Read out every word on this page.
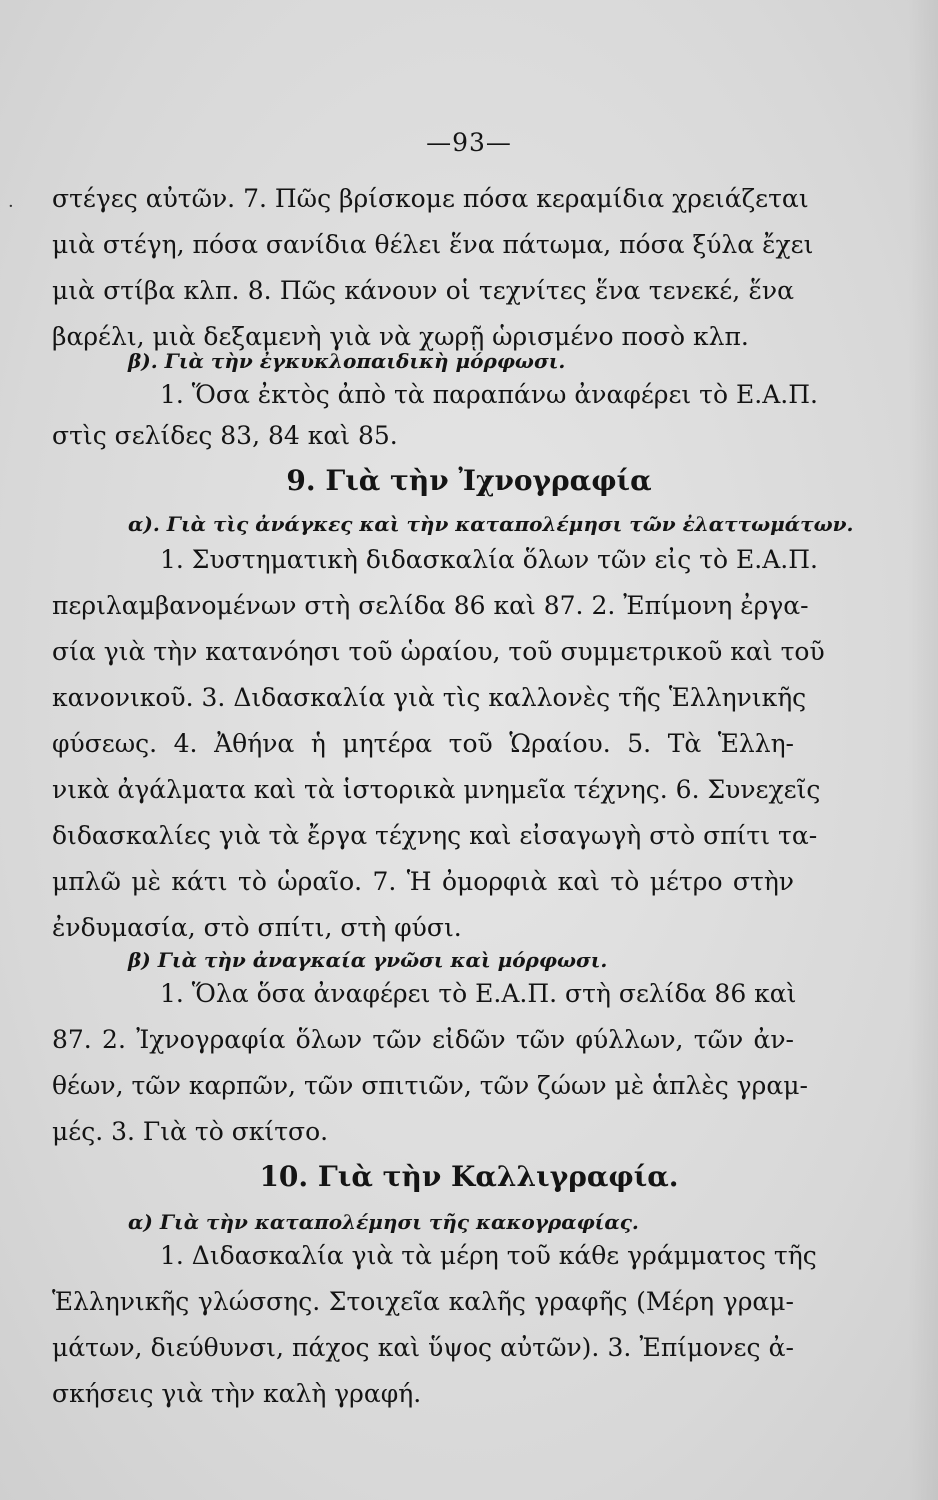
·
—93—
στέγες αὐτῶν. 7. Πῶς βρίσκομε πόσα κεραμίδια χρειάζεται
μιὰ στέγη, πόσα σανίδια θέλει ἕνα πάτωμα, πόσα ξύλα ἔχει
μιὰ στίβα κλπ. 8. Πῶς κάνουν οἱ τεχνίτες ἕνα τενεκέ, ἕνα
βαρέλι, μιὰ δεξαμενὴ γιὰ νὰ χωρῇ ὡρισμένο ποσὸ κλπ.
β). Γιὰ τὴν ἐγκυκλοπαιδικὴ μόρφωσι.
1. Ὅσα ἐκτὸς ἀπὸ τὰ παραπάνω ἀναφέρει τὸ Ε.Α.Π.
στὶς σελίδες 83, 84 καὶ 85.
9. Γιὰ τὴν Ἰχνογραφία
α). Γιὰ τὶς ἀνάγκες καὶ τὴν καταπολέμησι τῶν ἐλαττωμάτων.
1. Συστηματικὴ διδασκαλία ὅλων τῶν εἰς τὸ Ε.Α.Π.
περιλαμβανομένων στὴ σελίδα 86 καὶ 87. 2. Ἐπίμονη ἐργα-
σία γιὰ τὴν κατανόησι τοῦ ὡραίου, τοῦ συμμετρικοῦ καὶ τοῦ
κανονικοῦ. 3. Διδασκαλία γιὰ τὶς καλλονὲς τῆς Ἑλληνικῆς
φύσεως. 4. Ἀθήνα ἡ μητέρα τοῦ Ὡραίου. 5. Τὰ Ἑλλη-
νικὰ ἀγάλματα καὶ τὰ ἱστορικὰ μνημεῖα τέχνης. 6. Συνεχεῖς
διδασκαλίες γιὰ τὰ ἔργα τέχνης καὶ εἰσαγωγὴ στὸ σπίτι τα-
μπλῶ μὲ κάτι τὸ ὡραῖο. 7. Ἡ ὀμορφιὰ καὶ τὸ μέτρο στὴν
ἐνδυμασία, στὸ σπίτι, στὴ φύσι.
β) Γιὰ τὴν ἀναγκαία γνῶσι καὶ μόρφωσι.
1. Ὅλα ὅσα ἀναφέρει τὸ Ε.Α.Π. στὴ σελίδα 86 καὶ
87. 2. Ἰχνογραφία ὅλων τῶν εἰδῶν τῶν φύλλων, τῶν ἀν-
θέων, τῶν καρπῶν, τῶν σπιτιῶν, τῶν ζώων μὲ ἁπλὲς γραμ-
μές. 3. Γιὰ τὸ σκίτσο.
10. Γιὰ τὴν Καλλιγραφία.
α) Γιὰ τὴν καταπολέμησι τῆς κακογραφίας.
1. Διδασκαλία γιὰ τὰ μέρη τοῦ κάθε γράμματος τῆς
Ἑλληνικῆς γλώσσης. Στοιχεῖα καλῆς γραφῆς (Μέρη γραμ-
μάτων, διεύθυνσι, πάχος καὶ ὕψος αὐτῶν). 3. Ἐπίμονες ἀ-
σκήσεις γιὰ τὴν καλὴ γραφή.
